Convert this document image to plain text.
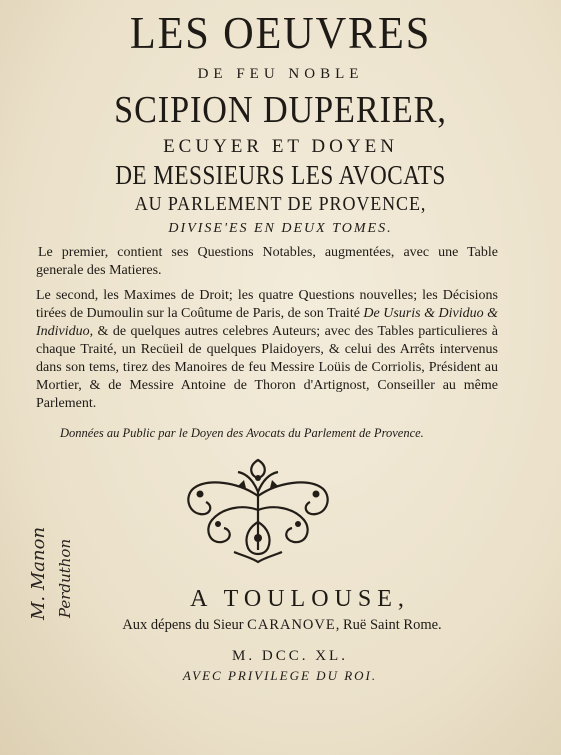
LES OEUVRES
DE FEU NOBLE
SCIPION DUPERIER,
ECUYER ET DOYEN
DE MESSIEURS LES AVOCATS
AU PARLEMENT DE PROVENCE,
DIVISE'ES EN DEUX TOMES.
Le premier, contient ses Questions Notables, augmentées, avec une Table generale des Matieres.
Le second, les Maximes de Droit; les quatre Questions nouvelles; les Décisions tirées de Dumoulin sur la Coûtume de Paris, de son Traité De Usuris & Dividuo & Individuo, & de quelques autres celebres Auteurs; avec des Tables particulieres à chaque Traité, un Recüeil de quelques Plaidoyers, & celui des Arrêts intervenus dans son tems, tirez des Manoires de feu Messire Loüis de Corriolis, Président au Mortier, & de Messire Antoine de Thoron d'Artignost, Conseiller au même Parlement.
Données au Public par le Doyen des Avocats du Parlement de Provence.
M. Manon Perduthon	A TOULOUSE,
Aux dépens du Sieur CARANOVE, Ruë Saint Rome.
M. DCC. XL.
AVEC PRIVILEGE DU ROI.
